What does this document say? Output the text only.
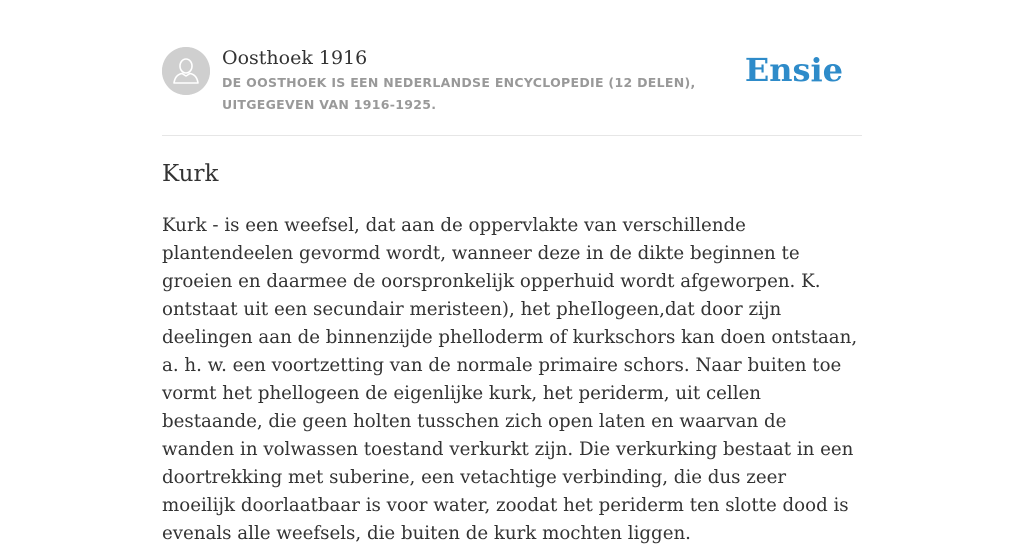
Oosthoek 1916
DE OOSTHOEK IS EEN NEDERLANDSE ENCYCLOPEDIE (12 DELEN), UITGEGEVEN VAN 1916-1925.
Ensie
Kurk

Kurk - is een weefsel, dat aan de oppervlakte van verschillende plantendeelen gevormd wordt, wanneer deze in de dikte beginnen te groeien en daarmee de oorspronkelijk opperhuid wordt afgeworpen. K. ontstaat uit een secundair meristeen), het pheIlogeen,dat door zijn deelingen aan de binnenzijde phelloderm of kurkschors kan doen ontstaan, a. h. w. een voortzetting van de normale primaire schors. Naar buiten toe vormt het phellogeen de eigenlijke kurk, het periderm, uit cellen bestaande, die geen holten tusschen zich open laten en waarvan de wanden in volwassen toestand verkurkt zijn. Die verkurking bestaat in een doortrekking met suberine, een vetachtige verbinding, die dus zeer moeilijk doorlaatbaar is voor water, zoodat het periderm ten slotte dood is evenals alle weefsels, die buiten de kurk mochten liggen.
